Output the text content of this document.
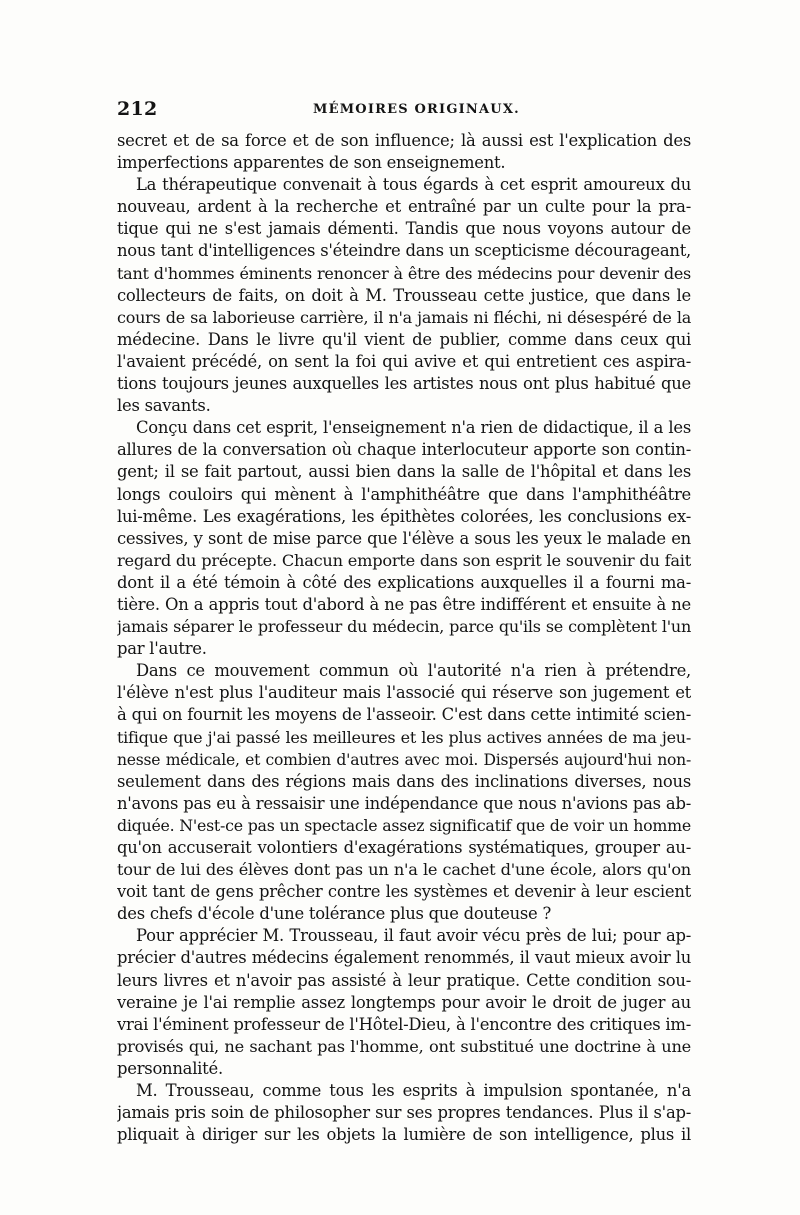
212	MÉMOIRES ORIGINAUX.
secret et de sa force et de son influence; là aussi est l'explication des
imperfections apparentes de son enseignement.
La thérapeutique convenait à tous égards à cet esprit amoureux du
nouveau, ardent à la recherche et entraîné par un culte pour la pra-
tique qui ne s'est jamais démenti. Tandis que nous voyons autour de
nous tant d'intelligences s'éteindre dans un scepticisme décourageant,
tant d'hommes éminents renoncer à être des médecins pour devenir des
collecteurs de faits, on doit à M. Trousseau cette justice, que dans le
cours de sa laborieuse carrière, il n'a jamais ni fléchi, ni désespéré de la
médecine. Dans le livre qu'il vient de publier, comme dans ceux qui
l'avaient précédé, on sent la foi qui avive et qui entretient ces aspira-
tions toujours jeunes auxquelles les artistes nous ont plus habitué que
les savants.
Conçu dans cet esprit, l'enseignement n'a rien de didactique, il a les
allures de la conversation où chaque interlocuteur apporte son contin-
gent; il se fait partout, aussi bien dans la salle de l'hôpital et dans les
longs couloirs qui mènent à l'amphithéâtre que dans l'amphithéâtre
lui-même. Les exagérations, les épithètes colorées, les conclusions ex-
cessives, y sont de mise parce que l'élève a sous les yeux le malade en
regard du précepte. Chacun emporte dans son esprit le souvenir du fait
dont il a été témoin à côté des explications auxquelles il a fourni ma-
tière. On a appris tout d'abord à ne pas être indifférent et ensuite à ne
jamais séparer le professeur du médecin, parce qu'ils se complètent l'un
par l'autre.
Dans ce mouvement commun où l'autorité n'a rien à prétendre,
l'élève n'est plus l'auditeur mais l'associé qui réserve son jugement et
à qui on fournit les moyens de l'asseoir. C'est dans cette intimité scien-
tifique que j'ai passé les meilleures et les plus actives années de ma jeu-
nesse médicale, et combien d'autres avec moi. Dispersés aujourd'hui non-
seulement dans des régions mais dans des inclinations diverses, nous
n'avons pas eu à ressaisir une indépendance que nous n'avions pas ab-
diquée. N'est-ce pas un spectacle assez significatif que de voir un homme
qu'on accuserait volontiers d'exagérations systématiques, grouper au-
tour de lui des élèves dont pas un n'a le cachet d'une école, alors qu'on
voit tant de gens prêcher contre les systèmes et devenir à leur escient
des chefs d'école d'une tolérance plus que douteuse ?
Pour apprécier M. Trousseau, il faut avoir vécu près de lui; pour ap-
précier d'autres médecins également renommés, il vaut mieux avoir lu
leurs livres et n'avoir pas assisté à leur pratique. Cette condition sou-
veraine je l'ai remplie assez longtemps pour avoir le droit de juger au
vrai l'éminent professeur de l'Hôtel-Dieu, à l'encontre des critiques im-
provisés qui, ne sachant pas l'homme, ont substitué une doctrine à une
personnalité.
M. Trousseau, comme tous les esprits à impulsion spontanée, n'a
jamais pris soin de philosopher sur ses propres tendances. Plus il s'ap-
pliquait à diriger sur les objets la lumière de son intelligence, plus il
